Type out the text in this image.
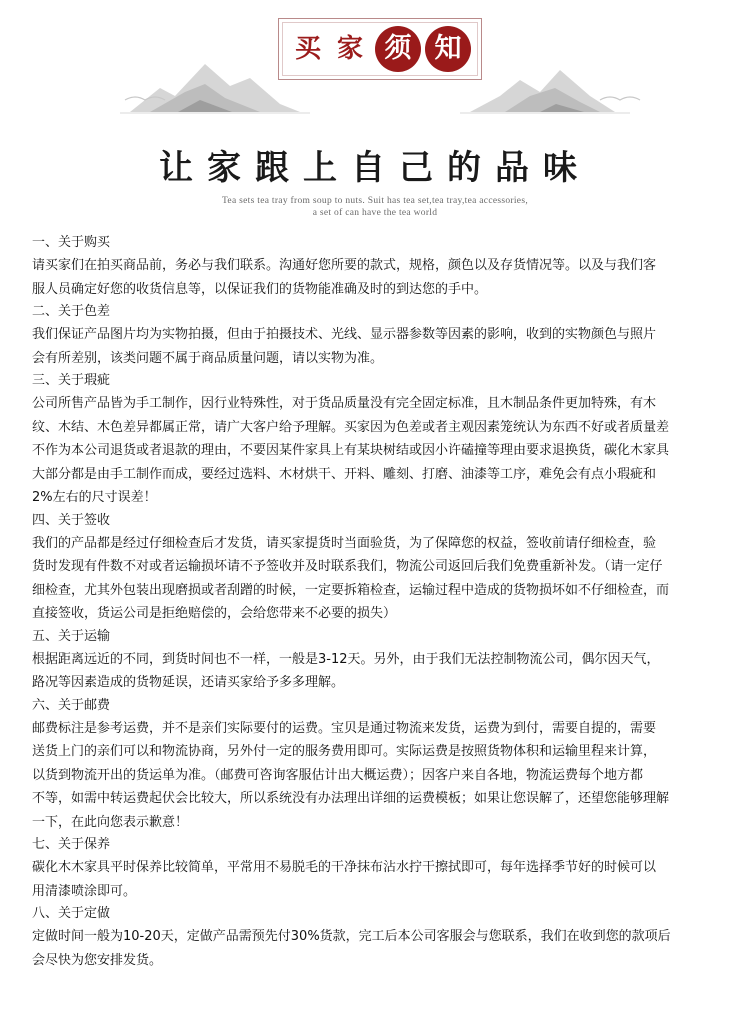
买 家 须 知
让家跟上自己的品味
Tea sets tea tray from soup to nuts. Suit has tea set,tea tray,tea accessories,
a set of can have the tea world
一、关于购买

请买家们在拍买商品前，务必与我们联系。沟通好您所要的款式，规格，颜色以及存货情况等。以及与我们客

服人员确定好您的收货信息等，以保证我们的货物能准确及时的到达您的手中。

二、关于色差

我们保证产品图片均为实物拍摄，但由于拍摄技术、光线、显示器参数等因素的影响，收到的实物颜色与照片

会有所差别，该类问题不属于商品质量问题，请以实物为准。

三、关于瑕疵

公司所售产品皆为手工制作，因行业特殊性，对于货品质量没有完全固定标准，且木制品条件更加特殊，有木

纹、木结、木色差异都属正常，请广大客户给予理解。买家因为色差或者主观因素笼统认为东西不好或者质量差

不作为本公司退货或者退款的理由，不要因某件家具上有某块树结或因小许磕撞等理由要求退换货，碳化木家具

大部分都是由手工制作而成，要经过选料、木材烘干、开料、雕刻、打磨、油漆等工序，难免会有点小瑕疵和

2%左右的尺寸误差！

四、关于签收

我们的产品都是经过仔细检查后才发货，请买家提货时当面验货，为了保障您的权益，签收前请仔细检查，验

货时发现有件数不对或者运输损坏请不予签收并及时联系我们，物流公司返回后我们免费重新补发。（请一定仔

细检查，尤其外包装出现磨损或者刮蹭的时候，一定要拆箱检查，运输过程中造成的货物损坏如不仔细检查，而

直接签收，货运公司是拒绝赔偿的，会给您带来不必要的损失）

五、关于运输

根据距离远近的不同，到货时间也不一样，一般是3-12天。另外，由于我们无法控制物流公司，偶尔因天气，

路况等因素造成的货物延误，还请买家给予多多理解。

六、关于邮费

邮费标注是参考运费，并不是亲们实际要付的运费。宝贝是通过物流来发货，运费为到付，需要自提的，需要

送货上门的亲们可以和物流协商，另外付一定的服务费用即可。实际运费是按照货物体积和运输里程来计算，

以货到物流开出的货运单为准。（邮费可咨询客服估计出大概运费）；因客户来自各地，物流运费每个地方都

不等，如需中转运费起伏会比较大，所以系统没有办法理出详细的运费模板；如果让您误解了，还望您能够理解

一下，在此向您表示歉意！

七、关于保养

碳化木木家具平时保养比较简单，平常用不易脱毛的干净抹布沾水拧干擦拭即可，每年选择季节好的时候可以

用清漆喷涂即可。

八、关于定做

定做时间一般为10-20天，定做产品需预先付30%货款，完工后本公司客服会与您联系，我们在收到您的款项后

会尽快为您安排发货。
